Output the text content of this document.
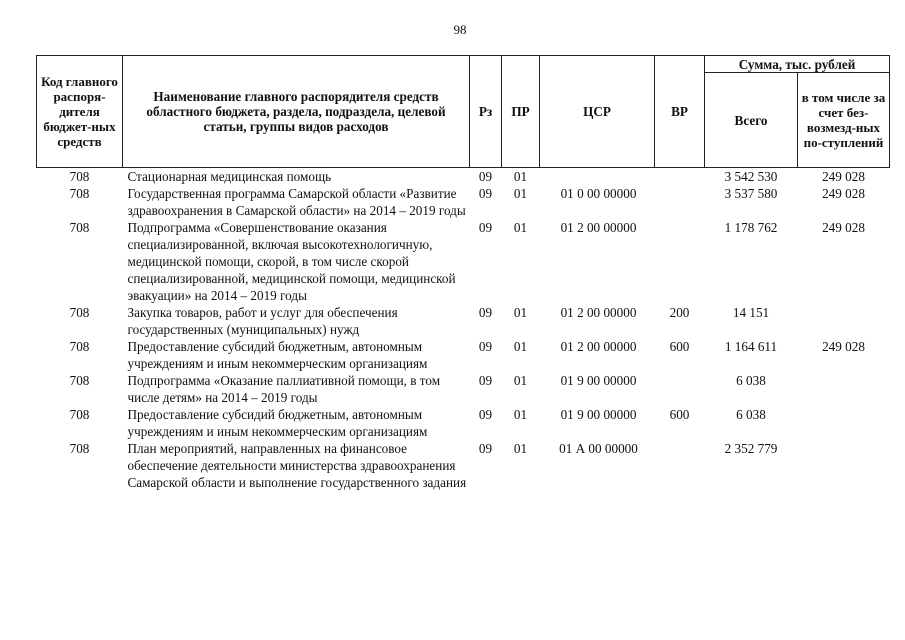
98
Код главного распоря-дителя бюджет-ных средств	Наименование главного распорядителя средств областного бюджета, раздела, подраздела, целевой статьи, группы видов расходов	Рз	ПР	ЦСР	ВР	Сумма, тыс. рублей	
						Всего	в том числе за счет без-возмезд-ных по-ступлений
708	Стационарная медицинская помощь	09	01			3 542 530	249 028
708	Государственная программа Самарской области «Развитие здравоохранения в Самарской области» на 2014 – 2019 годы	09	01	01 0 00 00000		3 537 580	249 028
708	Подпрограмма «Совершенствование оказания специализированной, включая высокотехнологичную, медицинской помощи, скорой, в том числе скорой специализированной, медицинской помощи, медицинской эвакуации» на 2014 – 2019 годы	09	01	01 2 00 00000		1 178 762	249 028
708	Закупка товаров, работ и услуг для обеспечения государственных (муниципальных) нужд	09	01	01 2 00 00000	200	14 151	
708	Предоставление субсидий бюджетным, автономным учреждениям и иным некоммерческим организациям	09	01	01 2 00 00000	600	1 164 611	249 028
708	Подпрограмма «Оказание паллиативной помощи, в том числе детям» на 2014 – 2019 годы	09	01	01 9 00 00000		6 038	
708	Предоставление субсидий бюджетным, автономным учреждениям и иным некоммерческим организациям	09	01	01 9 00 00000	600	6 038	
708	План мероприятий, направленных на финансовое обеспечение деятельности министерства здравоохранения Самарской области и выполнение государственного задания	09	01	01 А 00 00000		2 352 779	
